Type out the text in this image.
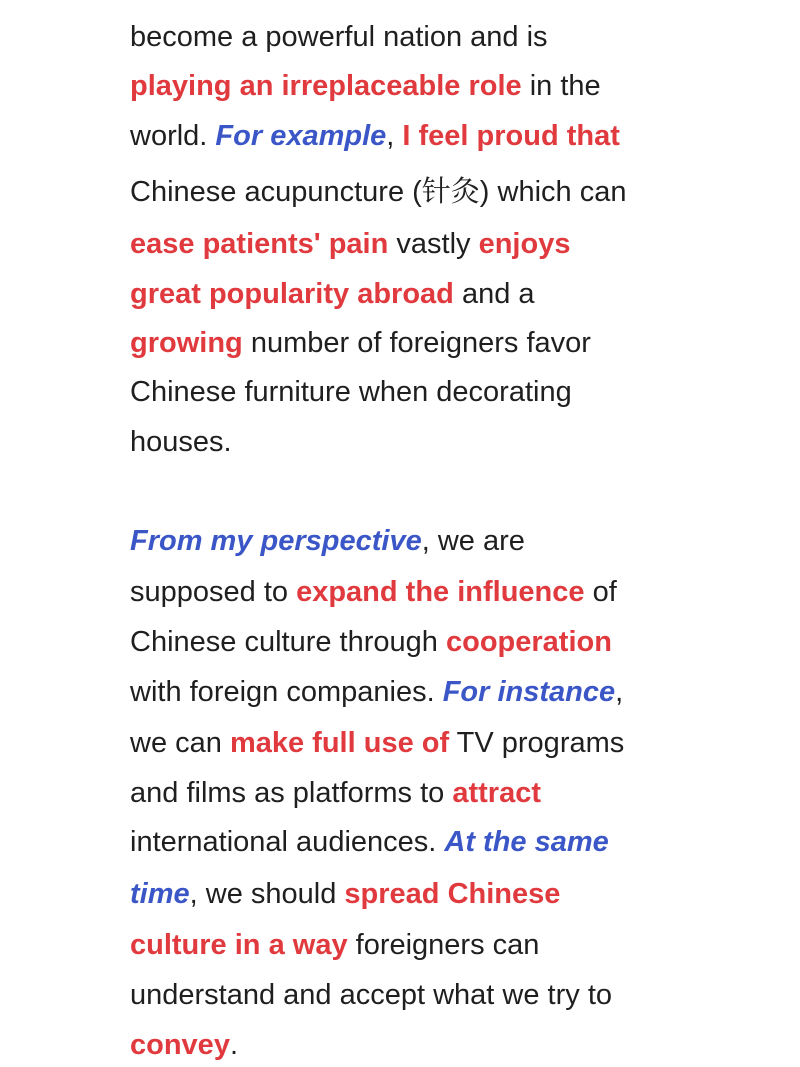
become a powerful nation and is
playing an irreplaceable role in the
world. For example, I feel proud that
Chinese acupuncture (针灸) which can
ease patients' pain vastly enjoys
great popularity abroad and a
growing number of foreigners favor
Chinese furniture when decorating
houses.
From my perspective, we are
supposed to expand the influence of
Chinese culture through cooperation
with foreign companies. For instance,
we can make full use of TV programs
and films as platforms to attract
international audiences. At the same
time, we should spread Chinese
culture in a way foreigners can
understand and accept what we try to
convey.
